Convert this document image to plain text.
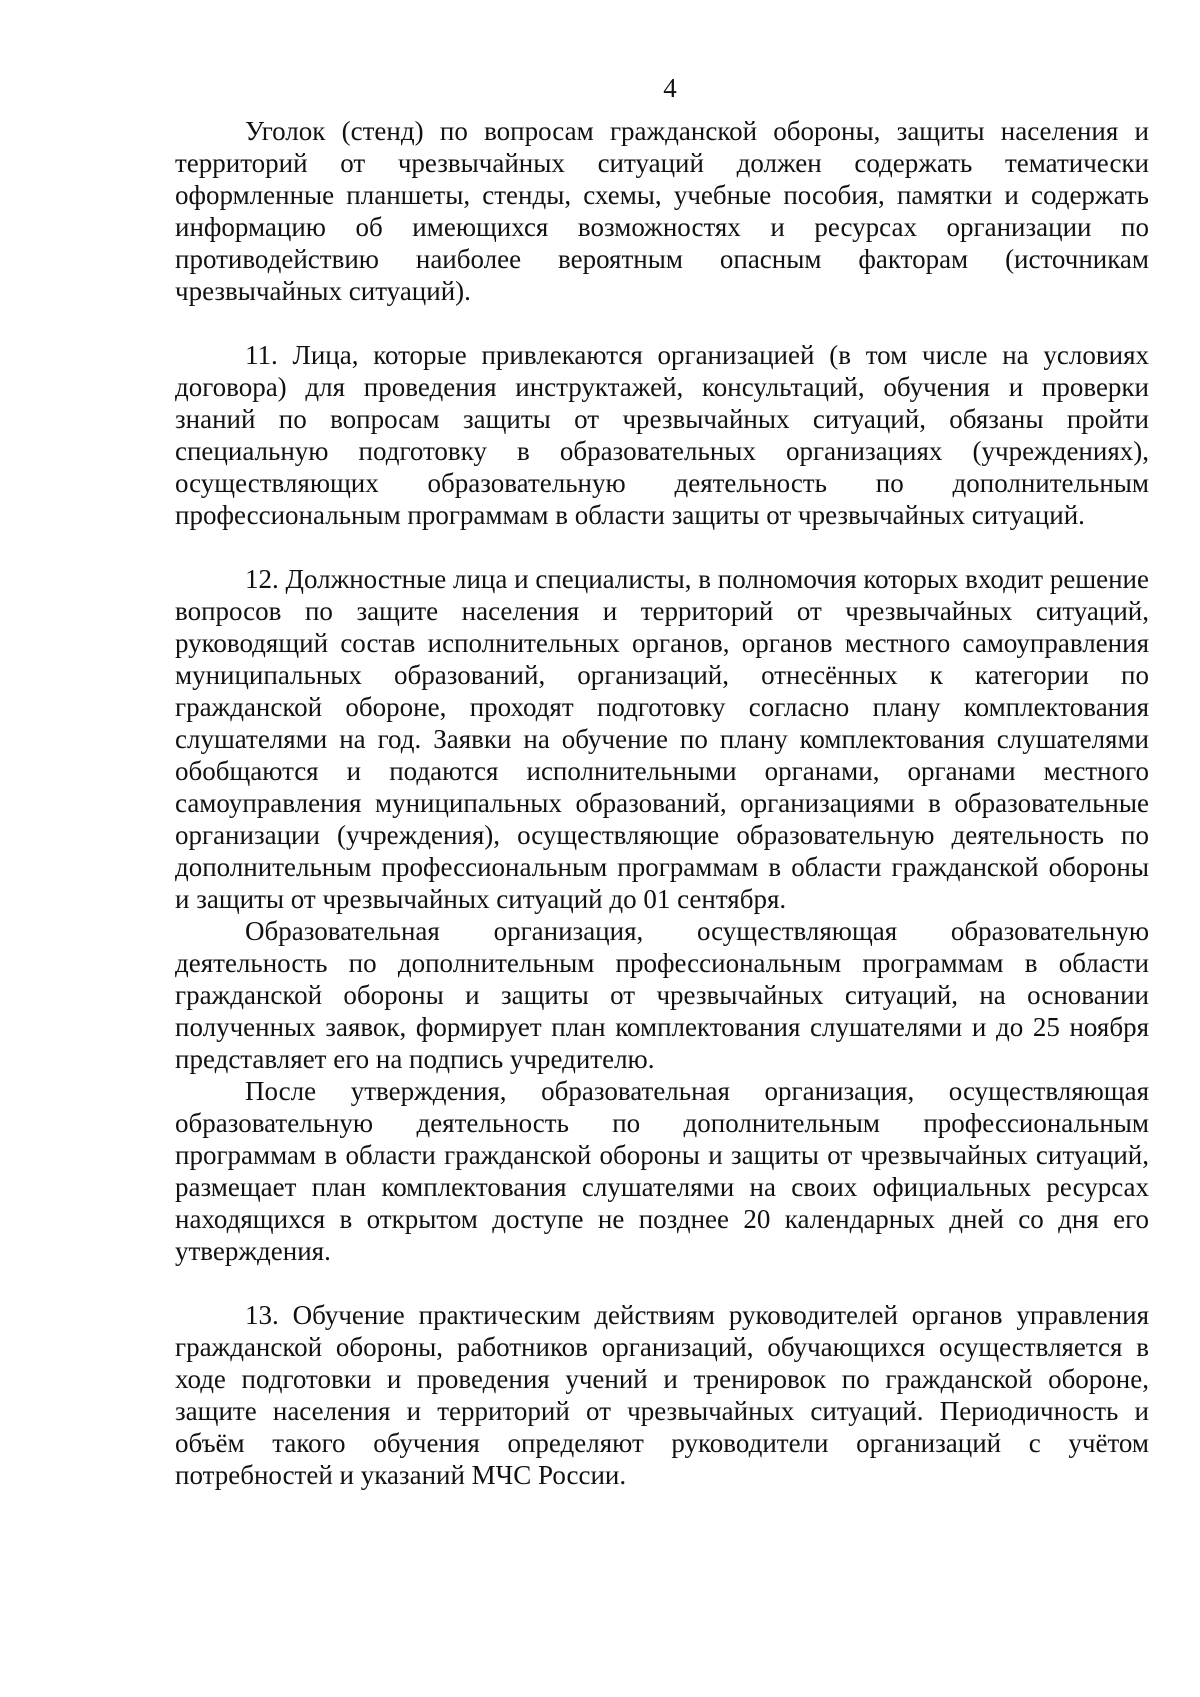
4

Уголок (стенд) по вопросам гражданской обороны, защиты населения и территорий от чрезвычайных ситуаций должен содержать тематически оформленные планшеты, стенды, схемы, учебные пособия, памятки и содержать информацию об имеющихся возможностях и ресурсах организации по противодействию наиболее вероятным опасным факторам (источникам чрезвычайных ситуаций).

11. Лица, которые привлекаются организацией (в том числе на условиях договора) для проведения инструктажей, консультаций, обучения и проверки знаний по вопросам защиты от чрезвычайных ситуаций, обязаны пройти специальную подготовку в образовательных организациях (учреждениях), осуществляющих образовательную деятельность по дополнительным профессиональным программам в области защиты от чрезвычайных ситуаций.

12. Должностные лица и специалисты, в полномочия которых входит решение вопросов по защите населения и территорий от чрезвычайных ситуаций, руководящий состав исполнительных органов, органов местного самоуправления муниципальных образований, организаций, отнесённых к категории по гражданской обороне, проходят подготовку согласно плану комплектования слушателями на год. Заявки на обучение по плану комплектования слушателями обобщаются и подаются исполнительными органами, органами местного самоуправления муниципальных образований, организациями в образовательные организации (учреждения), осуществляющие образовательную деятельность по дополнительным профессиональным программам в области гражданской обороны и защиты от чрезвычайных ситуаций до 01 сентября.

Образовательная организация, осуществляющая образовательную деятельность по дополнительным профессиональным программам в области гражданской обороны и защиты от чрезвычайных ситуаций, на основании полученных заявок, формирует план комплектования слушателями и до 25 ноября представляет его на подпись учредителю.

После утверждения, образовательная организация, осуществляющая образовательную деятельность по дополнительным профессиональным программам в области гражданской обороны и защиты от чрезвычайных ситуаций, размещает план комплектования слушателями на своих официальных ресурсах находящихся в открытом доступе не позднее 20 календарных дней со дня его утверждения.

13. Обучение практическим действиям руководителей органов управления гражданской обороны, работников организаций, обучающихся осуществляется в ходе подготовки и проведения учений и тренировок по гражданской обороне, защите населения и территорий от чрезвычайных ситуаций. Периодичность и объём такого обучения определяют руководители организаций с учётом потребностей и указаний МЧС России.
